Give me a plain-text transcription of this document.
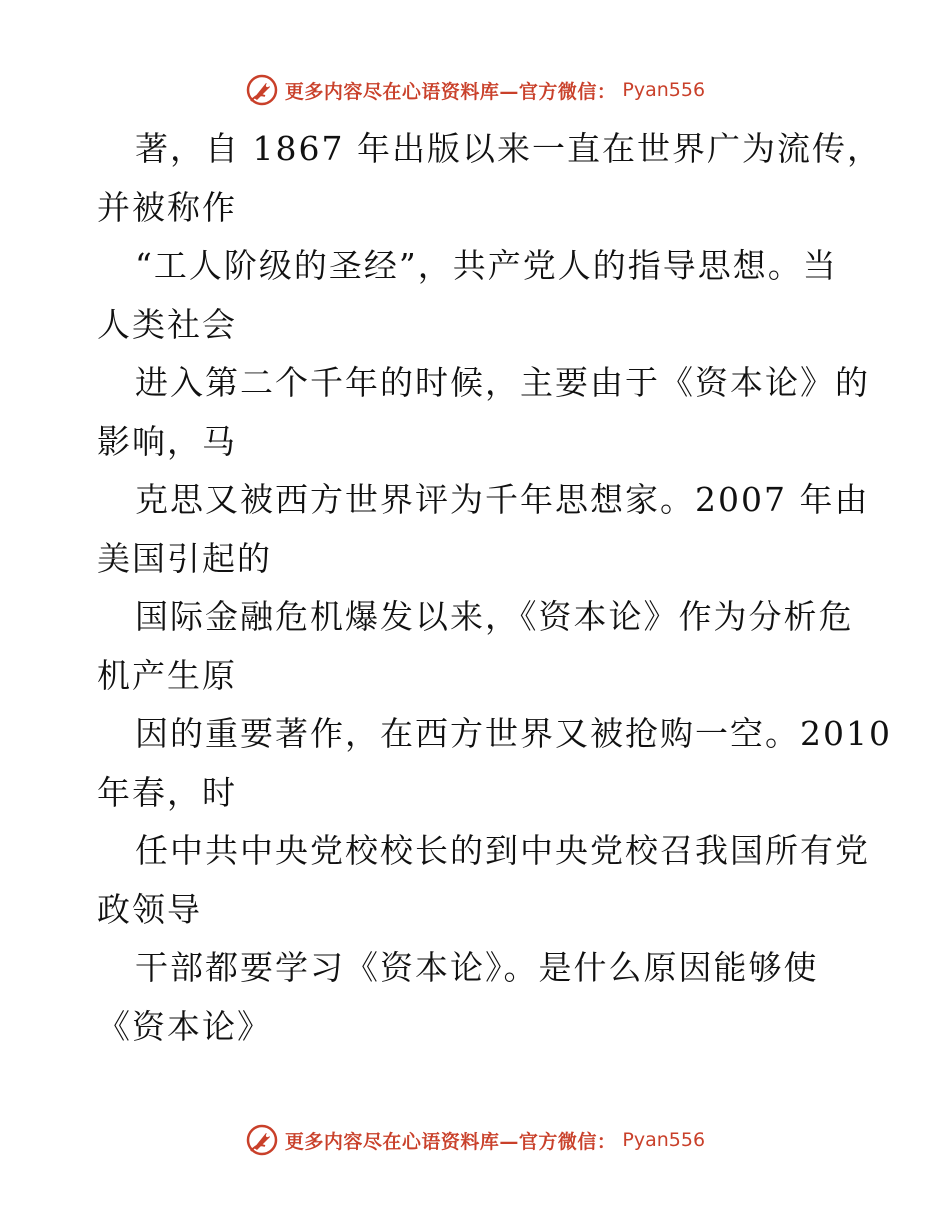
更多内容尽在心语资料库—官方微信： Pyan556
著，自 1867 年出版以来一直在世界广为流传，
并被称作
“工人阶级的圣经”，共产党人的指导思想。当
人类社会
进入第二个千年的时候，主要由于《资本论》的
影响，马
克思又被西方世界评为千年思想家。2007 年由
美国引起的
国际金融危机爆发以来，《资本论》作为分析危
机产生原
因的重要著作，在西方世界又被抢购一空。2010
年春，时
任中共中央党校校长的到中央党校召我国所有党
政领导
干部都要学习《资本论》。是什么原因能够使
《资本论》
更多内容尽在心语资料库—官方微信： Pyan556
